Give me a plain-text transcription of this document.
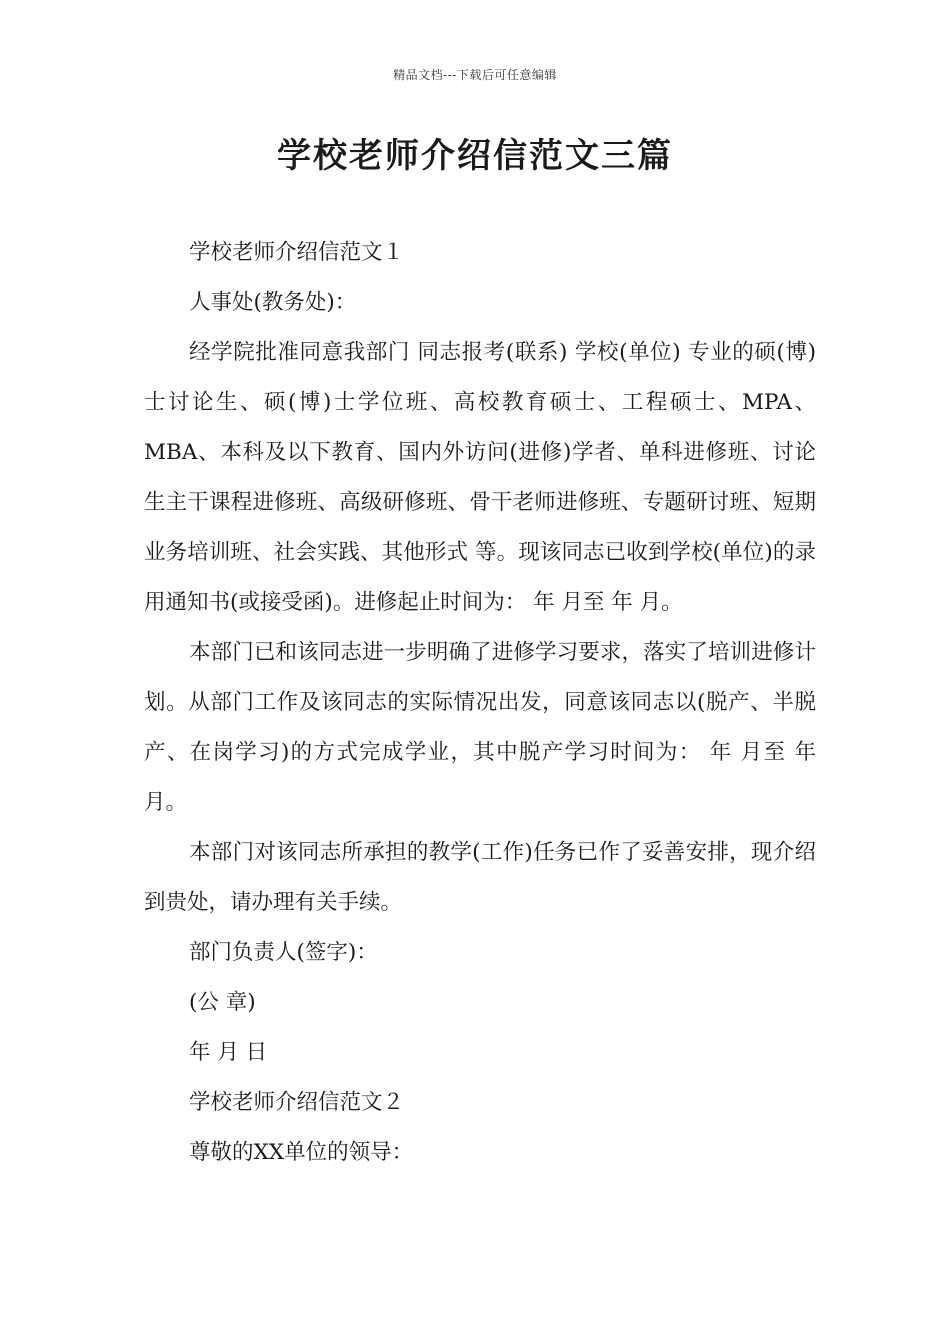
精品文档---下载后可任意编辑
学校老师介绍信范文三篇

学校老师介绍信范文１

人事处(教务处)：

经学院批准同意我部门 同志报考(联系) 学校(单位) 专业的硕(博)士讨论生、硕(博)士学位班、高校教育硕士、工程硕士、MPA、MBA、本科及以下教育、国内外访问(进修)学者、单科进修班、讨论生主干课程进修班、高级研修班、骨干老师进修班、专题研讨班、短期业务培训班、社会实践、其他形式 等。现该同志已收到学校(单位)的录用通知书(或接受函)。进修起止时间为： 年 月至 年 月。

本部门已和该同志进一步明确了进修学习要求，落实了培训进修计划。从部门工作及该同志的实际情况出发，同意该同志以(脱产、半脱产、在岗学习)的方式完成学业，其中脱产学习时间为： 年 月至 年 月。

本部门对该同志所承担的教学(工作)任务已作了妥善安排，现介绍到贵处，请办理有关手续。

部门负责人(签字)：

(公 章)

年 月 日

学校老师介绍信范文２

尊敬的XX单位的领导：
